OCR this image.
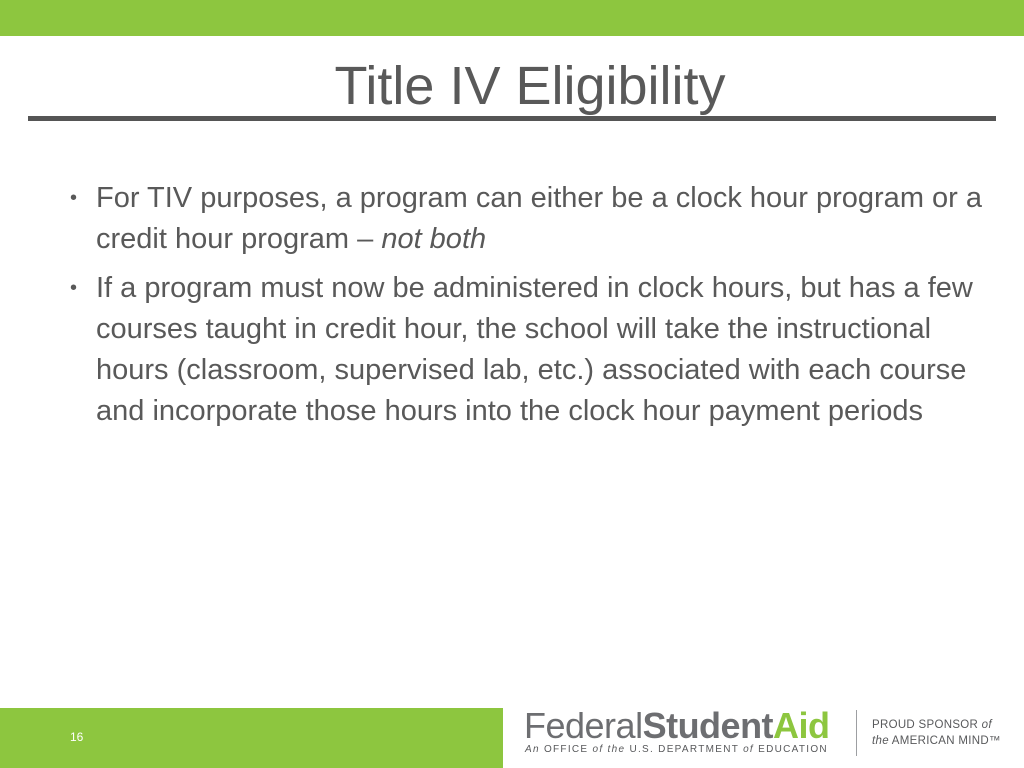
Title IV Eligibility
• For TIV purposes, a program can either be a clock hour program or a credit hour program – not both
• If a program must now be administered in clock hours, but has a few courses taught in credit hour, the school will take the instructional hours (classroom, supervised lab, etc.) associated with each course and incorporate those hours into the clock hour payment periods
16	FederalStudentAid
An OFFICE of the U.S. DEPARTMENT of EDUCATION
PROUD SPONSOR of
the AMERICAN MIND™
